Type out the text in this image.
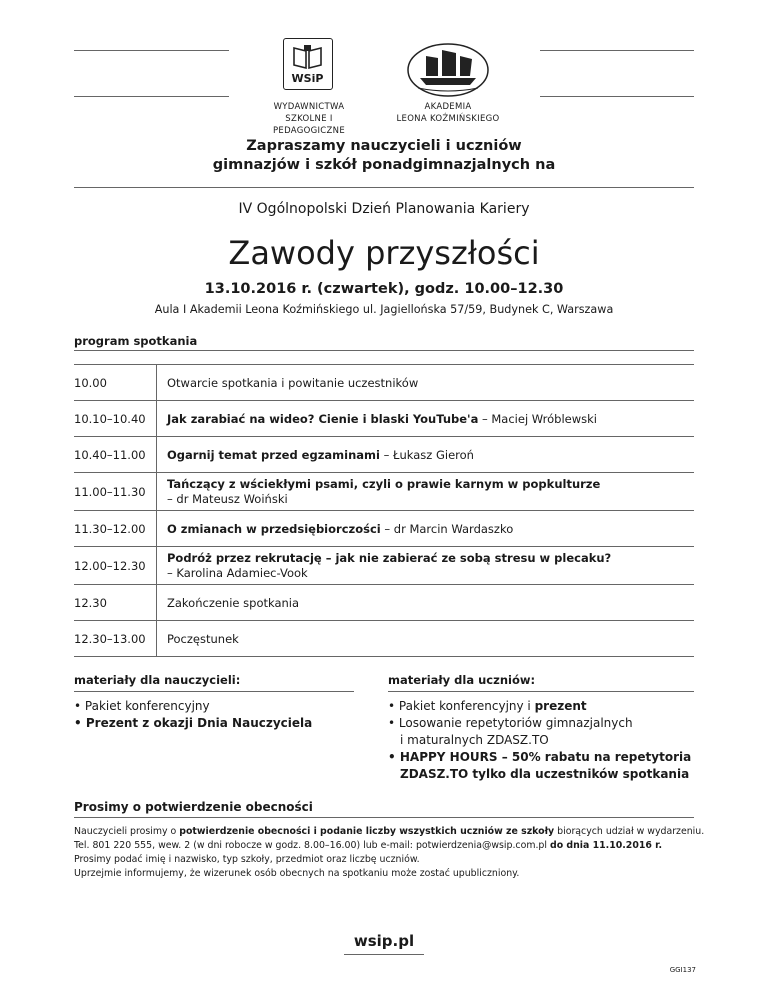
WSiP
WYDAWNICTWA
SZKOLNE I PEDAGOGICZNE
AKADEMIA
LEONA KOŹMIŃSKIEGO
Zapraszamy nauczycieli i uczniów
gimnazjów i szkół ponadgimnazjalnych na
IV Ogólnopolski Dzień Planowania Kariery
Zawody przyszłości
13.10.2016 r. (czwartek), godz. 10.00–12.30
Aula I Akademii Leona Koźmińskiego ul. Jagiellońska 57/59, Budynek C, Warszawa
program spotkania
10.00	Otwarcie spotkania i powitanie uczestników
10.10–10.40	Jak zarabiać na wideo? Cienie i blaski YouTube'a – Maciej Wróblewski
10.40–11.00	Ogarnij temat przed egzaminami – Łukasz Gieroń
11.00–11.30	Tańczący z wściekłymi psami, czyli o prawie karnym w popkulturze
– dr Mateusz Woiński
11.30–12.00	O zmianach w przedsiębiorczości – dr Marcin Wardaszko
12.00–12.30	Podróż przez rekrutację – jak nie zabierać ze sobą stresu w plecaku?
– Karolina Adamiec-Vook
12.30	Zakończenie spotkania
12.30–13.00	Poczęstunek
materiały dla nauczycieli:
• Pakiet konferencyjny
• Prezent z okazji Dnia Nauczyciela
materiały dla uczniów:
• Pakiet konferencyjny i prezent
• Losowanie repetytoriów gimnazjalnych
i maturalnych ZDASZ.TO
• HAPPY HOURS – 50% rabatu na repetytoria
ZDASZ.TO tylko dla uczestników spotkania
Prosimy o potwierdzenie obecności
Nauczycieli prosimy o potwierdzenie obecności i podanie liczby wszystkich uczniów ze szkoły biorących udział w wydarzeniu.
Tel. 801 220 555, wew. 2 (w dni robocze w godz. 8.00–16.00) lub e-mail: potwierdzenia@wsip.com.pl do dnia 11.10.2016 r.
Prosimy podać imię i nazwisko, typ szkoły, przedmiot oraz liczbę uczniów.
Uprzejmie informujemy, że wizerunek osób obecnych na spotkaniu może zostać upubliczniony.
wsip.pl
GGI137
